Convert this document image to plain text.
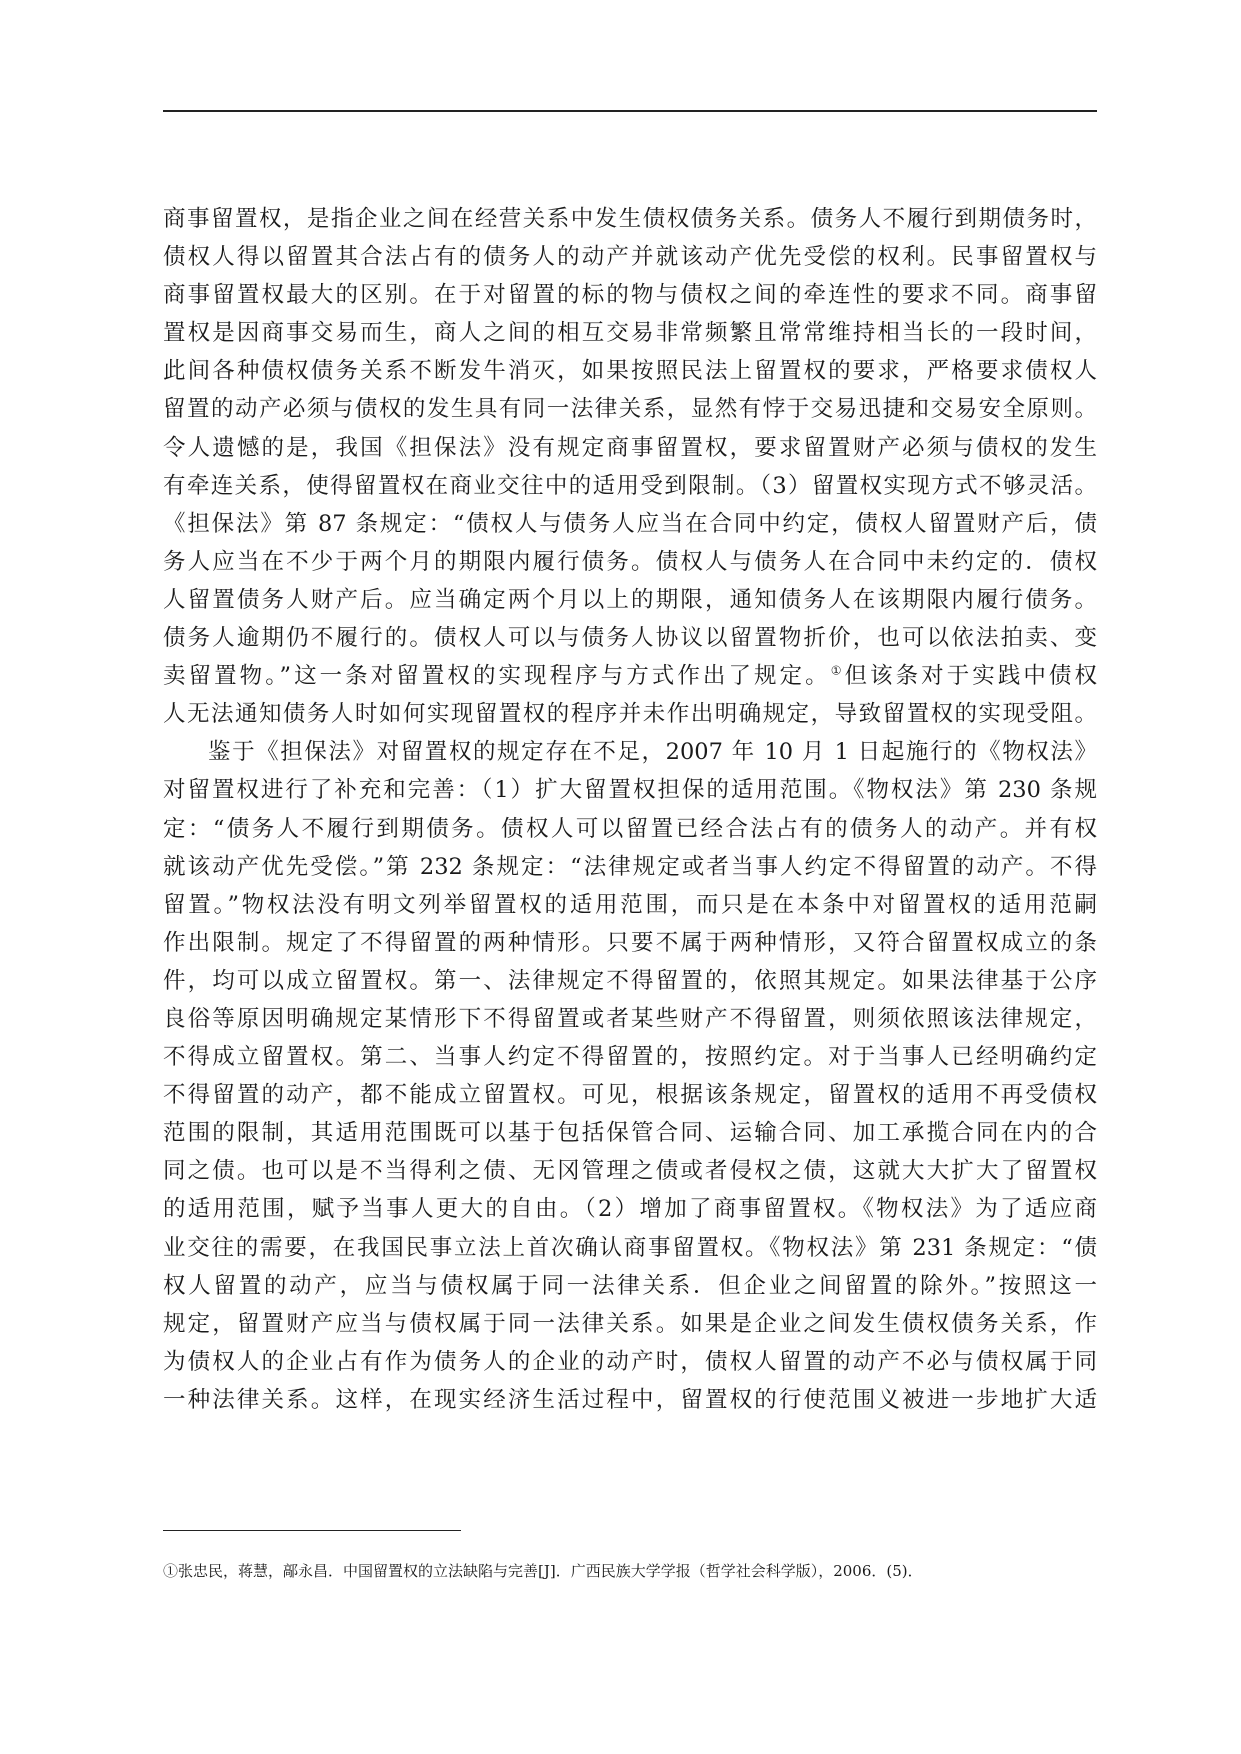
商事留置权，是指企业之间在经营关系中发生债权债务关系。债务人不履行到期债务时，
债权人得以留置其合法占有的债务人的动产并就该动产优先受偿的权利。民事留置权与
商事留置权最大的区别。在于对留置的标的物与债权之间的牵连性的要求不同。商事留
置权是因商事交易而生，商人之间的相互交易非常频繁且常常维持相当长的一段时间，
此间各种债权债务关系不断发牛消灭，如果按照民法上留置权的要求，严格要求债权人
留置的动产必须与债权的发生具有同一法律关系，显然有悖于交易迅捷和交易安全原则。
令人遗憾的是，我国《担保法》没有规定商事留置权，要求留置财产必须与债权的发生
有牵连关系，使得留置权在商业交往中的适用受到限制。（3）留置权实现方式不够灵活。
《担保法》第 87 条规定：“债权人与债务人应当在合同中约定，债权人留置财产后，债
务人应当在不少于两个月的期限内履行债务。债权人与债务人在合同中未约定的．债权
人留置债务人财产后。应当确定两个月以上的期限，通知债务人在该期限内履行债务。
债务人逾期仍不履行的。债权人可以与债务人协议以留置物折价，也可以依法拍卖、变
卖留置物。”这一条对留置权的实现程序与方式作出了规定。①但该条对于实践中债权
人无法通知债务人时如何实现留置权的程序并未作出明确规定，导致留置权的实现受阻。
鉴于《担保法》对留置权的规定存在不足，2007 年 10 月 1 日起施行的《物权法》
对留置权进行了补充和完善：（1）扩大留置权担保的适用范围。《物权法》第 230 条规
定：“债务人不履行到期债务。债权人可以留置已经合法占有的债务人的动产。并有权
就该动产优先受偿。”第 232 条规定：“法律规定或者当事人约定不得留置的动产。不得
留置。”物权法没有明文列举留置权的适用范围，而只是在本条中对留置权的适用范嗣
作出限制。规定了不得留置的两种情形。只要不属于两种情形，又符合留置权成立的条
件，均可以成立留置权。第一、法律规定不得留置的，依照其规定。如果法律基于公序
良俗等原因明确规定某情形下不得留置或者某些财产不得留置，则须依照该法律规定，
不得成立留置权。第二、当事人约定不得留置的，按照约定。对于当事人已经明确约定
不得留置的动产，都不能成立留置权。可见，根据该条规定，留置权的适用不再受债权
范围的限制，其适用范围既可以基于包括保管合同、运输合同、加工承揽合同在内的合
同之债。也可以是不当得利之债、无冈管理之债或者侵权之债，这就大大扩大了留置权
的适用范围，赋予当事人更大的自由。（2）增加了商事留置权。《物权法》为了适应商
业交往的需要，在我国民事立法上首次确认商事留置权。《物权法》第 231 条规定：“债
权人留置的动产，应当与债权属于同一法律关系．但企业之间留置的除外。”按照这一
规定，留置财产应当与债权属于同一法律关系。如果是企业之间发生债权债务关系，作
为债权人的企业占有作为债务人的企业的动产时，债权人留置的动产不必与债权属于同
一种法律关系。这样，在现实经济生活过程中，留置权的行使范围义被进一步地扩大适
①张忠民，蒋慧，鄗永昌．中国留置权的立法缺陷与完善[J]．广西民族大学学报（哲学社会科学版），2006．(5)．
